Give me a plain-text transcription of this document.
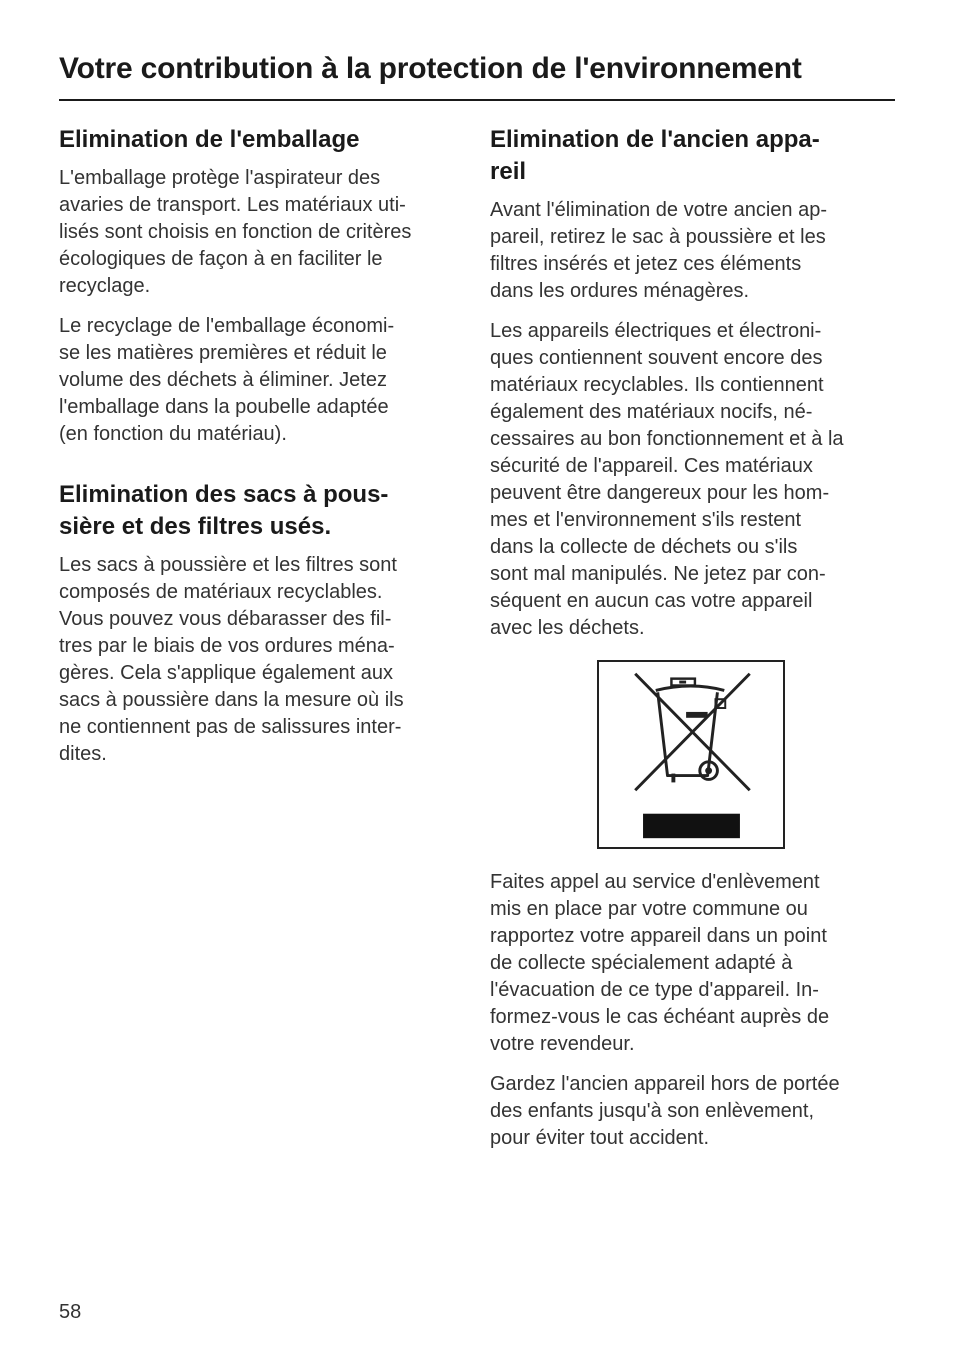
Votre contribution à la protection de l'environnement
Elimination de l'emballage
L'emballage protège l'aspirateur des
avaries de transport. Les matériaux uti-
lisés sont choisis en fonction de critères
écologiques de façon à en faciliter le
recyclage.
Le recyclage de l'emballage économi-
se les matières premières et réduit le
volume des déchets à éliminer. Jetez
l'emballage dans la poubelle adaptée
(en fonction du matériau).
Elimination des sacs à pous-
sière et des filtres usés.
Les sacs à poussière et les filtres sont
composés de matériaux recyclables.
Vous pouvez vous débarasser des fil-
tres par le biais de vos ordures ména-
gères. Cela s'applique également aux
sacs à poussière dans la mesure où ils
ne contiennent pas de salissures inter-
dites.
Elimination de l'ancien appa-
reil
Avant l'élimination de votre ancien ap-
pareil, retirez le sac à poussière et les
filtres insérés et jetez ces éléments
dans les ordures ménagères.
Les appareils électriques et électroni-
ques contiennent souvent encore des
matériaux recyclables. Ils contiennent
également des matériaux nocifs, né-
cessaires au bon fonctionnement et à la
sécurité de l'appareil. Ces matériaux
peuvent être dangereux pour les hom-
mes et l'environnement s'ils restent
dans la collecte de déchets ou s'ils
sont mal manipulés. Ne jetez par con-
séquent en aucun cas votre appareil
avec les déchets.
Faites appel au service d'enlèvement
mis en place par votre commune ou
rapportez votre appareil dans un point
de collecte spécialement adapté à
l'évacuation de ce type d'appareil. In-
formez-vous le cas échéant auprès de
votre revendeur.
Gardez l'ancien appareil hors de portée
des enfants jusqu'à son enlèvement,
pour éviter tout accident.
58
